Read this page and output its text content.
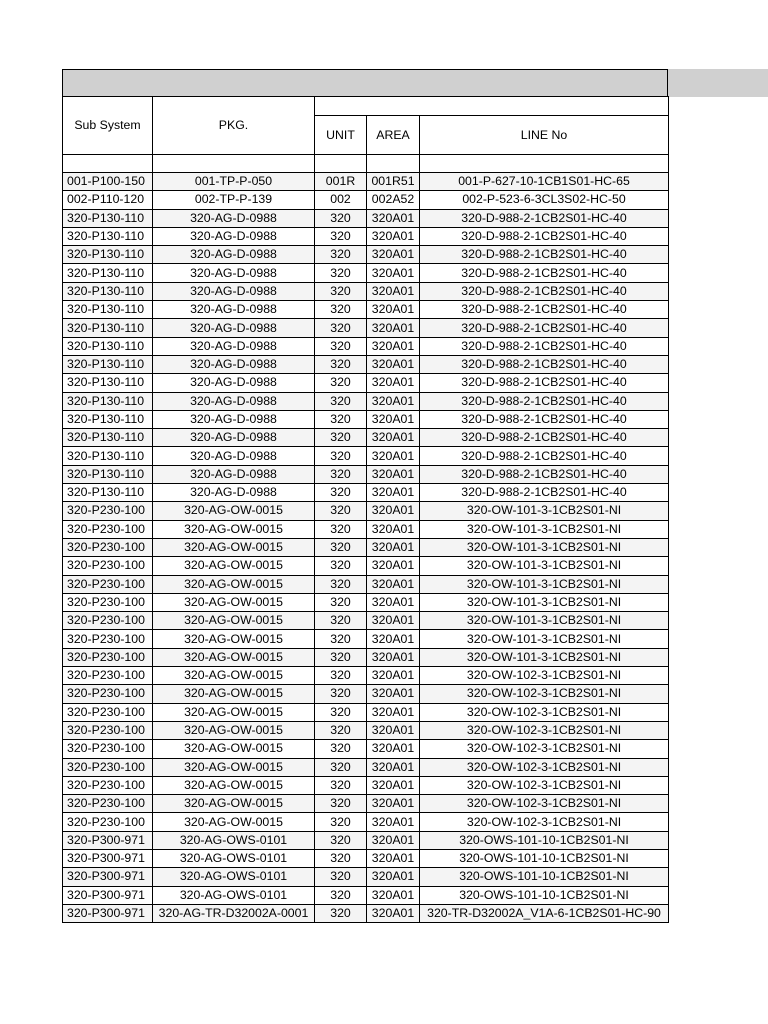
Sub System	PKG.			
		UNIT	AREA	LINE No

001-P100-150	001-TP-P-050	001R	001R51	001-P-627-10-1CB1S01-HC-65
002-P110-120	002-TP-P-139	002	002A52	002-P-523-6-3CL3S02-HC-50
320-P130-110	320-AG-D-0988	320	320A01	320-D-988-2-1CB2S01-HC-40
320-P130-110	320-AG-D-0988	320	320A01	320-D-988-2-1CB2S01-HC-40
320-P130-110	320-AG-D-0988	320	320A01	320-D-988-2-1CB2S01-HC-40
320-P130-110	320-AG-D-0988	320	320A01	320-D-988-2-1CB2S01-HC-40
320-P130-110	320-AG-D-0988	320	320A01	320-D-988-2-1CB2S01-HC-40
320-P130-110	320-AG-D-0988	320	320A01	320-D-988-2-1CB2S01-HC-40
320-P130-110	320-AG-D-0988	320	320A01	320-D-988-2-1CB2S01-HC-40
320-P130-110	320-AG-D-0988	320	320A01	320-D-988-2-1CB2S01-HC-40
320-P130-110	320-AG-D-0988	320	320A01	320-D-988-2-1CB2S01-HC-40
320-P130-110	320-AG-D-0988	320	320A01	320-D-988-2-1CB2S01-HC-40
320-P130-110	320-AG-D-0988	320	320A01	320-D-988-2-1CB2S01-HC-40
320-P130-110	320-AG-D-0988	320	320A01	320-D-988-2-1CB2S01-HC-40
320-P130-110	320-AG-D-0988	320	320A01	320-D-988-2-1CB2S01-HC-40
320-P130-110	320-AG-D-0988	320	320A01	320-D-988-2-1CB2S01-HC-40
320-P130-110	320-AG-D-0988	320	320A01	320-D-988-2-1CB2S01-HC-40
320-P130-110	320-AG-D-0988	320	320A01	320-D-988-2-1CB2S01-HC-40
320-P230-100	320-AG-OW-0015	320	320A01	320-OW-101-3-1CB2S01-NI
320-P230-100	320-AG-OW-0015	320	320A01	320-OW-101-3-1CB2S01-NI
320-P230-100	320-AG-OW-0015	320	320A01	320-OW-101-3-1CB2S01-NI
320-P230-100	320-AG-OW-0015	320	320A01	320-OW-101-3-1CB2S01-NI
320-P230-100	320-AG-OW-0015	320	320A01	320-OW-101-3-1CB2S01-NI
320-P230-100	320-AG-OW-0015	320	320A01	320-OW-101-3-1CB2S01-NI
320-P230-100	320-AG-OW-0015	320	320A01	320-OW-101-3-1CB2S01-NI
320-P230-100	320-AG-OW-0015	320	320A01	320-OW-101-3-1CB2S01-NI
320-P230-100	320-AG-OW-0015	320	320A01	320-OW-101-3-1CB2S01-NI
320-P230-100	320-AG-OW-0015	320	320A01	320-OW-102-3-1CB2S01-NI
320-P230-100	320-AG-OW-0015	320	320A01	320-OW-102-3-1CB2S01-NI
320-P230-100	320-AG-OW-0015	320	320A01	320-OW-102-3-1CB2S01-NI
320-P230-100	320-AG-OW-0015	320	320A01	320-OW-102-3-1CB2S01-NI
320-P230-100	320-AG-OW-0015	320	320A01	320-OW-102-3-1CB2S01-NI
320-P230-100	320-AG-OW-0015	320	320A01	320-OW-102-3-1CB2S01-NI
320-P230-100	320-AG-OW-0015	320	320A01	320-OW-102-3-1CB2S01-NI
320-P230-100	320-AG-OW-0015	320	320A01	320-OW-102-3-1CB2S01-NI
320-P230-100	320-AG-OW-0015	320	320A01	320-OW-102-3-1CB2S01-NI
320-P300-971	320-AG-OWS-0101	320	320A01	320-OWS-101-10-1CB2S01-NI
320-P300-971	320-AG-OWS-0101	320	320A01	320-OWS-101-10-1CB2S01-NI
320-P300-971	320-AG-OWS-0101	320	320A01	320-OWS-101-10-1CB2S01-NI
320-P300-971	320-AG-OWS-0101	320	320A01	320-OWS-101-10-1CB2S01-NI
320-P300-971	320-AG-TR-D32002A-0001	320	320A01	320-TR-D32002A_V1A-6-1CB2S01-HC-90
